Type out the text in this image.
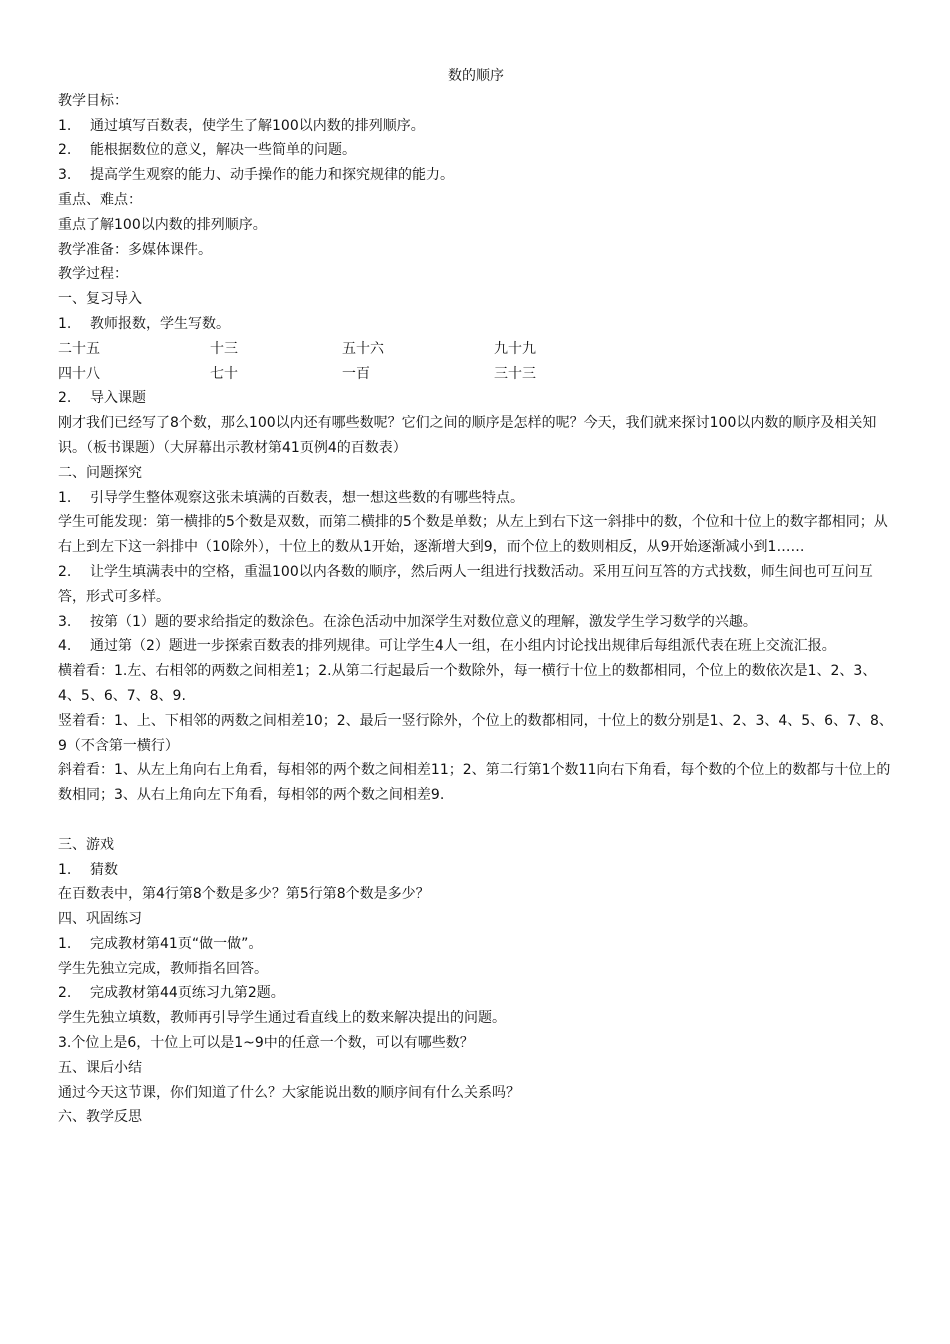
数的顺序
教学目标：
1. 通过填写百数表，使学生了解100以内数的排列顺序。
2. 能根据数位的意义，解决一些简单的问题。
3. 提高学生观察的能力、动手操作的能力和探究规律的能力。
重点、难点：
重点了解100以内数的排列顺序。
教学准备：多媒体课件。
教学过程：
一、复习导入
1. 教师报数，学生写数。
二十五	十三	五十六	九十九
四十八	七十	一百	三十三
2. 导入课题
刚才我们已经写了8个数，那么100以内还有哪些数呢？它们之间的顺序是怎样的呢？今天，我们就来探讨100以内数的顺序及相关知识。（板书课题）（大屏幕出示教材第41页例4的百数表）
二、问题探究
1. 引导学生整体观察这张未填满的百数表，想一想这些数的有哪些特点。
学生可能发现：第一横排的5个数是双数，而第二横排的5个数是单数；从左上到右下这一斜排中的数，个位和十位上的数字都相同；从右上到左下这一斜排中（10除外），十位上的数从1开始，逐渐增大到9，而个位上的数则相反，从9开始逐渐减小到1……
2. 让学生填满表中的空格，重温100以内各数的顺序，然后两人一组进行找数活动。采用互问互答的方式找数，师生间也可互问互答，形式可多样。
3. 按第（1）题的要求给指定的数涂色。在涂色活动中加深学生对数位意义的理解，激发学生学习数学的兴趣。
4. 通过第（2）题进一步探索百数表的排列规律。可让学生4人一组，在小组内讨论找出规律后每组派代表在班上交流汇报。
横着看：1.左、右相邻的两数之间相差1；2.从第二行起最后一个数除外，每一横行十位上的数都相同，个位上的数依次是1、2、3、4、5、6、7、8、9.
竖着看：1、上、下相邻的两数之间相差10；2、最后一竖行除外，个位上的数都相同，十位上的数分别是1、2、3、4、5、6、7、8、9（不含第一横行）
斜着看：1、从左上角向右上角看，每相邻的两个数之间相差11；2、第二行第1个数11向右下角看，每个数的个位上的数都与十位上的数相同；3、从右上角向左下角看，每相邻的两个数之间相差9.
三、游戏
1. 猜数
在百数表中，第4行第8个数是多少？第5行第8个数是多少？
四、巩固练习
1. 完成教材第41页“做一做”。
学生先独立完成，教师指名回答。
2. 完成教材第44页练习九第2题。
学生先独立填数，教师再引导学生通过看直线上的数来解决提出的问题。
3.个位上是6，十位上可以是1~9中的任意一个数，可以有哪些数？
五、课后小结
通过今天这节课，你们知道了什么？大家能说出数的顺序间有什么关系吗？
六、教学反思
